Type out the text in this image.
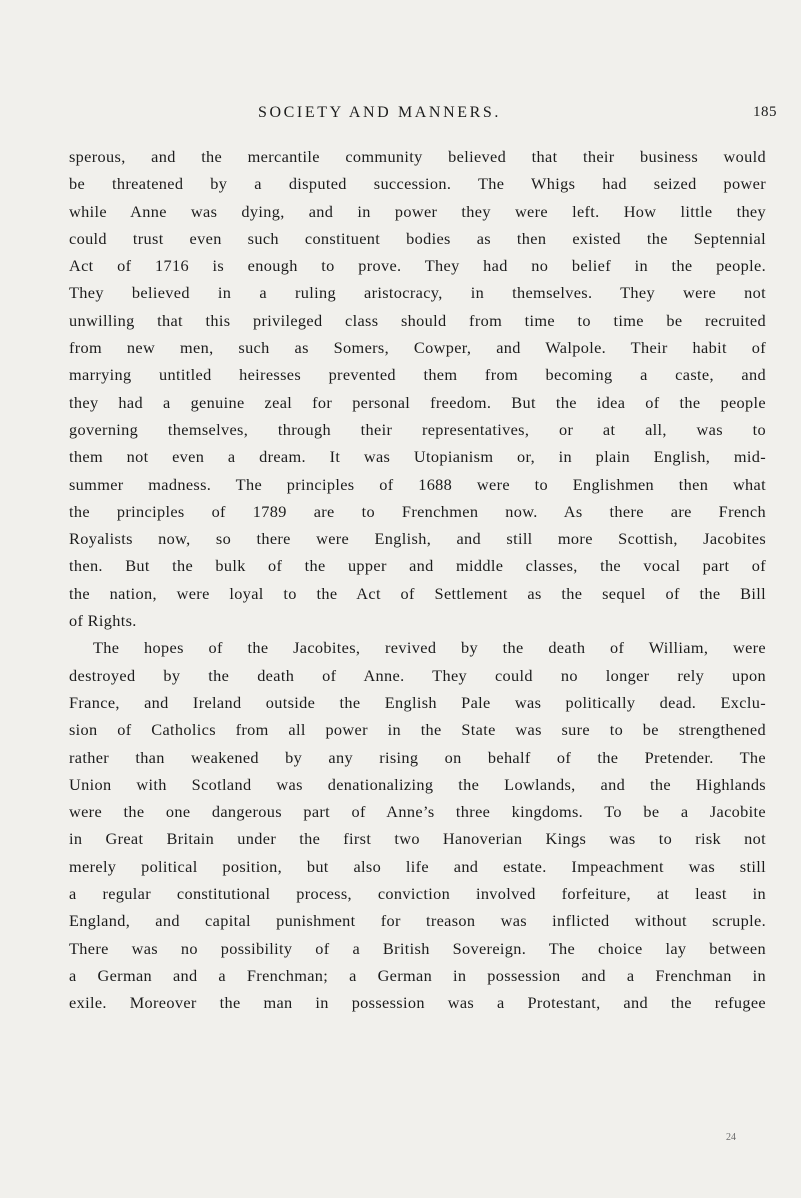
SOCIETY AND MANNERS.	185
sperous, and the mercantile community believed that their business would
be threatened by a disputed succession. The Whigs had seized power
while Anne was dying, and in power they were left. How little they
could trust even such constituent bodies as then existed the Septennial
Act of 1716 is enough to prove. They had no belief in the people.
They believed in a ruling aristocracy, in themselves. They were not
unwilling that this privileged class should from time to time be recruited
from new men, such as Somers, Cowper, and Walpole. Their habit of
marrying untitled heiresses prevented them from becoming a caste, and
they had a genuine zeal for personal freedom. But the idea of the people
governing themselves, through their representatives, or at all, was to
them not even a dream. It was Utopianism or, in plain English, mid-
summer madness. The principles of 1688 were to Englishmen then what
the principles of 1789 are to Frenchmen now. As there are French
Royalists now, so there were English, and still more Scottish, Jacobites
then. But the bulk of the upper and middle classes, the vocal part of
the nation, were loyal to the Act of Settlement as the sequel of the Bill
of Rights.
The hopes of the Jacobites, revived by the death of William, were
destroyed by the death of Anne. They could no longer rely upon
France, and Ireland outside the English Pale was politically dead. Exclu-
sion of Catholics from all power in the State was sure to be strengthened
rather than weakened by any rising on behalf of the Pretender. The
Union with Scotland was denationalizing the Lowlands, and the Highlands
were the one dangerous part of Anne’s three kingdoms. To be a Jacobite
in Great Britain under the first two Hanoverian Kings was to risk not
merely political position, but also life and estate. Impeachment was still
a regular constitutional process, conviction involved forfeiture, at least in
England, and capital punishment for treason was inflicted without scruple.
There was no possibility of a British Sovereign. The choice lay between
a German and a Frenchman; a German in possession and a Frenchman in
exile. Moreover the man in possession was a Protestant, and the refugee
24
